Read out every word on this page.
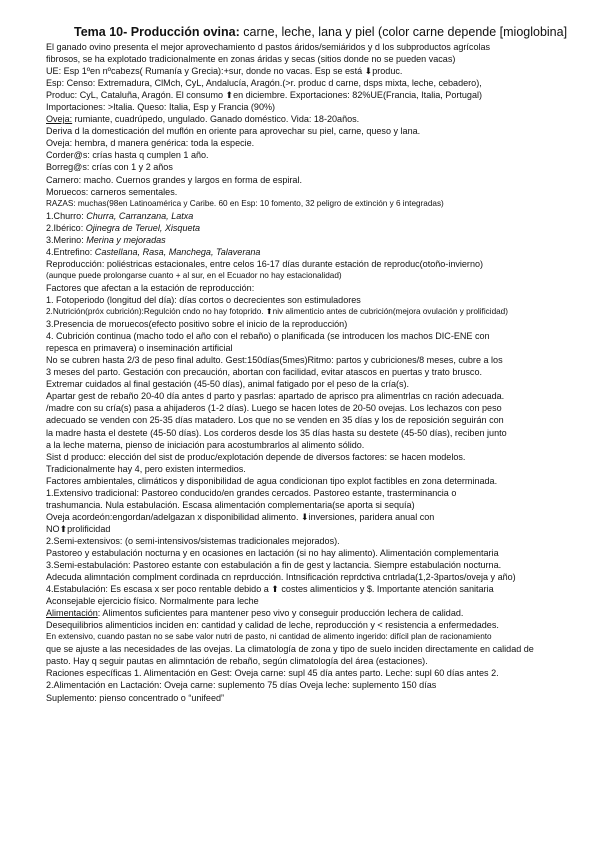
Tema 10- Producción ovina: carne, leche, lana y piel (color carne depende [mioglobina]
El ganado ovino presenta el mejor aprovechamiento d pastos áridos/semiáridos y d los subproductos agrícolas
fibrosos, se ha explotado tradicionalmente en zonas áridas y secas (sitios donde no se pueden vacas)
UE: Esp 1ºen nºcabezs( Rumanía y Grecia):+sur, donde no vacas. Esp se está ⬇produc.
Esp: Censo: Extremadura, ClMch, CyL, Andalucía, Aragón.(>r. produc d carne, dsps mixta, leche, cebadero),
Produc: CyL, Cataluña, Aragón. El consumo ⬆en diciembre. Exportaciones: 82%UE(Francia, Italia, Portugal)
Importaciones: >Italia. Queso: Italia, Esp y Francia (90%)
Oveja: rumiante, cuadrúpedo, ungulado. Ganado doméstico. Vida: 18-20años.
Deriva d la domesticación del muflón en oriente para aprovechar su piel, carne, queso y lana.
Oveja: hembra, d manera genérica: toda la especie.
Corder@s: crías hasta q cumplen 1 año.
Borreg@s: crías con 1 y 2 años
Carnero: macho. Cuernos grandes y largos en forma de espiral.
Moruecos: carneros sementales.
RAZAS: muchas(98en Latinoamérica y Caribe. 60 en Esp: 10 fomento, 32 peligro de extinción y 6 integradas)
1.Churro: Churra, Carranzana, Latxa
2.Ibérico: Ojinegra de Teruel, Xisqueta
3.Merino: Merina y mejoradas
4.Entrefino: Castellana, Rasa, Manchega, Talaverana
Reproducción: poliéstricas estacionales, entre celos 16-17 días durante estación de reproduc(otoño-invierno)
(aunque puede prolongarse cuanto + al sur, en el Ecuador no hay estacionalidad)
Factores que afectan a la estación de reproducción:
1. Fotoperiodo (longitud del día): días cortos o decrecientes son estimuladores
2.Nutrición(próx cubrición):Regulción cndo no hay fotoprido. ⬆niv alimenticio antes de cubrición(mejora ovulación y prolificidad)
3.Presencia de moruecos(efecto positivo sobre el inicio de la reproducción)
4. Cubrición continua (macho todo el año con el rebaño) o planificada (se introducen los machos DIC-ENE con
repesca en primavera) o inseminación artificial
No se cubren hasta 2/3 de peso final adulto. Gest:150días(5mes)Ritmo: partos y cubriciones/8 meses, cubre a los
3 meses del parto. Gestación con precaución, abortan con facilidad, evitar atascos en puertas y trato brusco.
Extremar cuidados al final gestación (45-50 días), animal fatigado por el peso de la cría(s).
Apartar gest de rebaño 20-40 día antes d parto y pasrlas: apartado de aprisco pra alimentrlas cn ración adecuada.
/madre con su cría(s) pasa a ahijaderos (1-2 días). Luego se hacen lotes de 20-50 ovejas. Los lechazos con peso
adecuado se venden con 25-35 días matadero. Los que no se venden en 35 días y los de reposición seguirán con
la madre hasta el destete (45-50 días). Los corderos desde los 35 días hasta su destete (45-50 días), reciben junto
a la leche materna, pienso de iniciación para acostumbrarlos al alimento sólido.
Sist d producc: elección del sist de produc/explotación depende de diversos factores: se hacen modelos.
Tradicionalmente hay 4, pero existen intermedios.
Factores ambientales, climáticos y disponibilidad de agua condicionan tipo explot factibles en zona determinada.
1.Extensivo tradicional: Pastoreo conducido/en grandes cercados. Pastoreo estante, trasterminancia o
trashumancia. Nula estabulación. Escasa alimentación complementaria(se aporta si sequía)
Oveja acordeón:engordan/adelgazan x disponibilidad alimento. ⬇inversiones, paridera anual con
NO⬆prolificidad
2.Semi-extensivos: (o semi-intensivos/sistemas tradicionales mejorados).
Pastoreo y estabulación nocturna y en ocasiones en lactación (si no hay alimento). Alimentación complementaria
3.Semi-estabulación: Pastoreo estante con estabulación a fin de gest y lactancia. Siempre estabulación nocturna.
Adecuda alimntación complment cordinada cn reprducción. Intnsificación reprdctiva cntrlada(1,2-3partos/oveja y año)
4.Estabulación: Es escasa x ser poco rentable debido a ⬆ costes alimenticios y $. Importante atención sanitaria
Aconsejable ejercicio físico. Normalmente para leche
Alimentación: Alimentos suficientes para mantener peso vivo y conseguir producción lechera de calidad.
Desequilibrios alimenticios inciden en: cantidad y calidad de leche, reproducción y < resistencia a enfermedades.
En extensivo, cuando pastan no se sabe valor nutri de pasto, ni cantidad de alimento ingerido: difícil plan de racionamiento
que se ajuste a las necesidades de las ovejas. La climatología de zona y tipo de suelo inciden directamente en calidad de
pasto. Hay q seguir pautas en alimntación de rebaño, según climatología del área (estaciones).
Raciones específicas 1. Alimentación en Gest: Oveja carne: supl 45 día antes parto. Leche: supl 60 días antes 2.
2.Alimentación en Lactación: Oveja carne: suplemento 75 días Oveja leche: suplemento 150 días
Suplemento: pienso concentrado o “unifeed”
